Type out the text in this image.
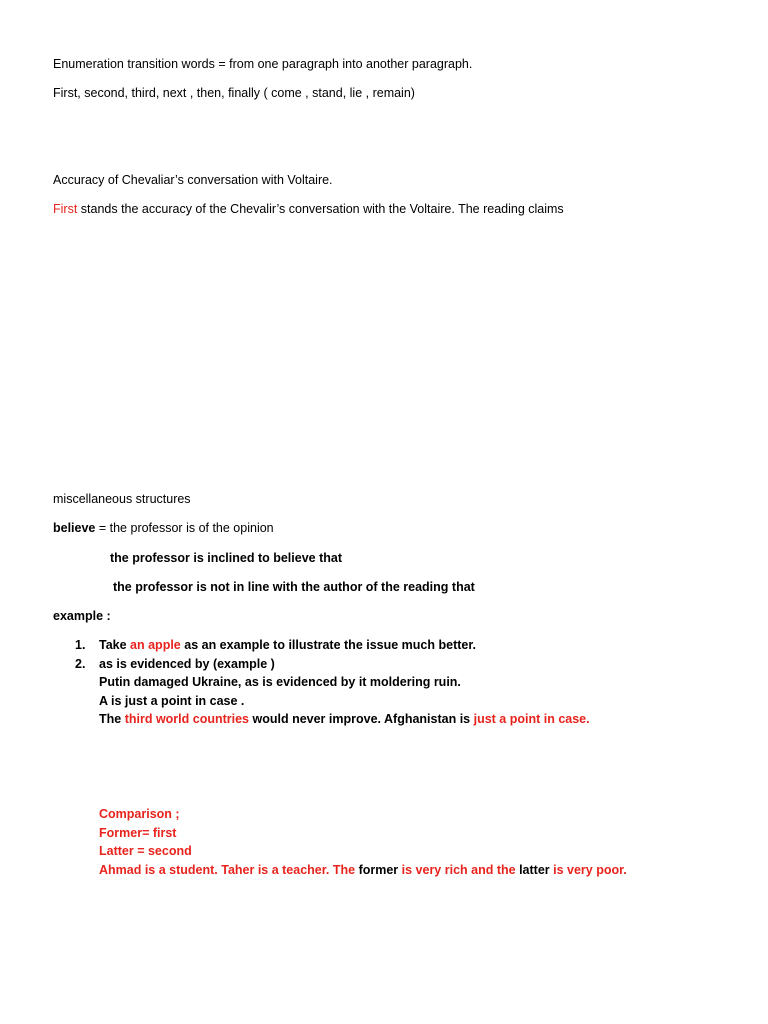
Enumeration transition words = from one paragraph into another paragraph.
First, second, third, next , then, finally ( come , stand, lie , remain)
Accuracy of Chevaliar’s conversation with Voltaire.
First stands the accuracy of the Chevalir’s conversation with the Voltaire. The reading claims
miscellaneous structures
believe = the professor is of the opinion
the professor is inclined to believe that
the professor is not in line with the author of the reading that
example :
1. Take an apple as an example to illustrate the issue much better.
2. as is evidenced by (example )
Putin damaged Ukraine, as is evidenced by it moldering ruin.
A is just a point in case .
The third world countries would never improve. Afghanistan is just a point in case.
Comparison ;
Former= first
Latter = second
Ahmad is a student. Taher is a teacher. The former is very rich and the latter is very poor.
